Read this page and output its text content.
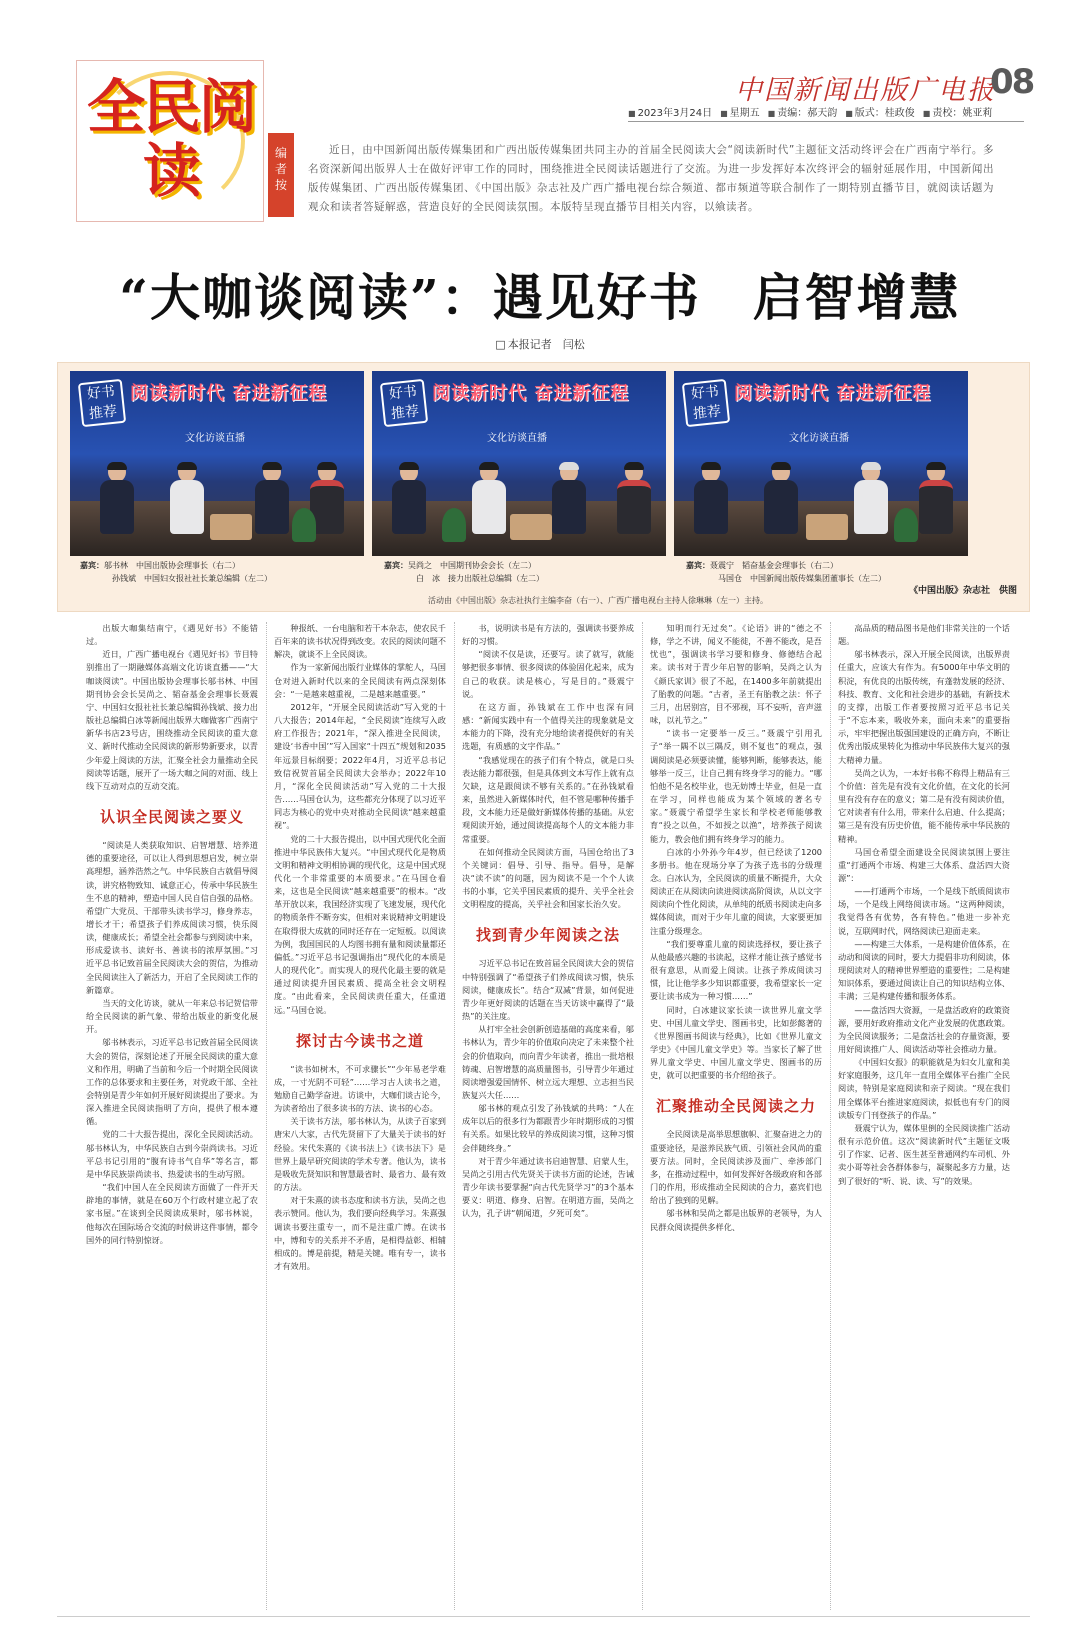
全民阅读
中国新闻出版广电报
08
■ 2023年3月24日	■ 星期五	■ 责编：郝天韵	■ 版式：桂政俊	■ 责校：姚亚莉
编
者
按
近日，由中国新闻出版传媒集团和广西出版传媒集团共同主办的首届全民阅读大会“阅读新时代”主题征文活动终评会在广西南宁举行。多名资深新闻出版界人士在做好评审工作的同时，围绕推进全民阅读话题进行了交流。为进一步发挥好本次终评会的辐射延展作用，中国新闻出版传媒集团、广西出版传媒集团、《中国出版》杂志社及广西广播电视台综合频道、都市频道等联合制作了一期特别直播节目，就阅读话题为观众和读者答疑解惑，营造良好的全民阅读氛围。本版特呈现直播节目相关内容，以飨读者。
“大咖谈阅读”：遇见好书　启智增慧
□ 本报记者　闫松
好书推荐
阅读新时代 奋进新征程
文化访谈直播
好书推荐
阅读新时代 奋进新征程
文化访谈直播
好书推荐
阅读新时代 奋进新征程
文化访谈直播
嘉宾：邬书林　中国出版协会理事长（右二）
孙钱斌　中国妇女报社社长兼总编辑（左二）
嘉宾：吴尚之　中国期刊协会会长（左二）
白　冰　接力出版社总编辑（左二）
嘉宾：聂震宁　韬奋基金会理事长（右二）
马国仓　中国新闻出版传媒集团董事长（左二）
活动由《中国出版》杂志社执行主编李奋（右一）、广西广播电视台主持人徐琳琳（左一）主持。
《中国出版》杂志社　供图

出版大咖集结南宁，《遇见好书》不能错过。

近日，广西广播电视台《遇见好书》节目特别推出了一期融媒体高端文化访谈直播——“大咖谈阅读”。中国出版协会理事长邬书林、中国期刊协会会长吴尚之、韬奋基金会理事长聂震宁、中国妇女报社社长兼总编辑孙钱斌、接力出版社总编辑白冰等新闻出版界大咖做客广西南宁新华书店23号店，围绕推动全民阅读的重大意义、新时代推动全民阅读的新形势新要求，以青少年爱上阅读的方法，汇聚全社会力量推动全民阅读等话题，展开了一场大咖之间的对面、线上线下互动对点的互动交流。

认识全民阅读之要义

“阅读是人类获取知识、启智增慧、培养道德的重要途径，可以让人得到思想启发，树立崇高理想，涵养浩然之气。中华民族自古就倡导阅读，讲究格物致知、诚意正心，传承中华民族生生不息的精神，塑造中国人民自信自强的品格。希望广大党员、干部带头读书学习，修身养志，增长才干；希望孩子们养成阅读习惯，快乐阅读，健康成长；希望全社会都参与到阅读中来，形成爱读书、读好书、善读书的浓厚氛围。”习近平总书记致首届全民阅读大会的贺信，为推动全民阅读注入了新活力，开启了全民阅读工作的新篇章。

当天的文化访谈，就从一年来总书记贺信带给全民阅读的新气象、带给出版业的新变化展开。

邬书林表示，习近平总书记致首届全民阅读大会的贺信，深刻论述了开展全民阅读的重大意义和作用，明确了当前和今后一个时期全民阅读工作的总体要求和主要任务，对党政干部、全社会特别是青少年如何开展好阅读提出了要求。为深入推进全民阅读指明了方向，提供了根本遵循。

党的二十大报告提出，深化全民阅读活动。邬书林认为，中华民族自古到今崇尚读书。习近平总书记引用的“腹有诗书气自华”等名言，都是中华民族崇尚读书、热爱读书的生动写照。

“我们中国人在全民阅读方面做了一件开天辟地的事情，就是在60万个行政村建立起了农家书屋。”在谈到全民阅读成果时，邬书林说，他每次在国际场合交流的时候讲这件事情，都令国外的同行特别惊讶。

种报纸、一台电脑和若干本杂志，使农民千百年来的读书状况得到改变。农民的阅读问题不解决，就谈不上全民阅读。

作为一家新闻出版行业媒体的掌舵人，马国仓对进入新时代以来的全民阅读有两点深刻体会：“一是越来越重视，二是越来越重要。”

2012年，“开展全民阅读活动”写入党的十八大报告；2014年起，“全民阅读”连续写入政府工作报告；2021年，“深入推进全民阅读，建设‘书香中国’”写入国家“十四五”规划和2035年远景目标纲要；2022年4月，习近平总书记致信祝贺首届全民阅读大会举办；2022年10月，“深化全民阅读活动”写入党的二十大报告……马国仓认为，这些都充分体现了以习近平同志为核心的党中央对推动全民阅读“越来越重视”。

党的二十大报告提出，以中国式现代化全面推进中华民族伟大复兴。“中国式现代化是物质文明和精神文明相协调的现代化，这是中国式现代化一个非常重要的本质要求。”在马国仓看来，这也是全民阅读“越来越重要”的根本。“改革开放以来，我国经济实现了飞速发展，现代化的物质条件不断夯实，但相对来说精神文明建设在取得很大成就的同时还存在一定短板。以阅读为例，我国国民的人均图书拥有量和阅读量都还偏低。”习近平总书记强调指出“现代化的本质是人的现代化”。而实现人的现代化最主要的就是通过阅读提升国民素质、提高全社会文明程度。“由此看来，全民阅读责任重大，任重道远。”马国仓说。

探讨古今读书之道

“读书如树木，不可求骤长”“少年易老学难成，一寸光阴不可轻”……学习古人读书之道，勉励自己勤学奋进。访谈中，大咖们谈古论今，为读者给出了很多读书的方法、读书的心态。

关于读书方法，邬书林认为，从读子百家到唐宋八大家，古代先贤留下了大量关于读书的好经验。宋代朱熹的《读书法上》《读书法下》是世界上最早研究阅读的学术专著。他认为，读书是吸收先贤知识和智慧最省时、最省力、最有效的方法。

对于朱熹的读书态度和读书方法，吴尚之也表示赞同。他认为，我们要向经典学习。朱熹强调读书要注重专一，而不是注重广博。在读书中，博和专的关系并不矛盾，是相得益彰、相辅相成的。博是前提，精是关键。唯有专一，读书才有效用。

书，说明读书是有方法的，强调读书要养成好的习惯。

“阅读不仅是读，还要写。读了就写，就能够把很多事情、很多阅读的体验固化起来，成为自己的收获。读是核心，写是目的。”聂震宁说。

在这方面，孙钱斌在工作中也深有同感：“新闻实践中有一个值得关注的现象就是文本能力的下降，没有充分地给读者提供好的有关选题，有质感的文字作品。”

“我感觉现在的孩子们有个特点，就是口头表达能力都很强，但是具体到文本写作上就有点欠缺，这是跟阅读不够有关系的。”在孙钱斌看来，虽然进入新媒体时代，但不管是哪种传播手段，文本能力还是做好新媒体传播的基础。从宏观阅读开始，通过阅读提高每个人的文本能力非常重要。

在如何推动全民阅读方面，马国仓给出了3个关键词：倡导、引导、指导。倡导，是解决“读不读”的问题，因为阅读不是一个个人读书的小事，它关乎国民素质的提升、关乎全社会文明程度的提高，关乎社会和国家长治久安。

找到青少年阅读之法

习近平总书记在致首届全民阅读大会的贺信中特别强调了“希望孩子们养成阅读习惯，快乐阅读，健康成长”。结合“双减”背景，如何促进青少年更好阅读的话题在当天访谈中赢得了“最热”的关注度。

从打牢全社会创新创造基础的高度来看，邬书林认为，青少年的价值取向决定了未来整个社会的价值取向，而向青少年读者，推出一批培根铸魂、启智增慧的高质量图书，引导青少年通过阅读增强爱国情怀、树立远大理想、立志担当民族复兴大任……

邬书林的观点引发了孙钱斌的共鸣：“人在成年以后的很多行为都跟青少年时期形成的习惯有关系。如果比较早的养成阅读习惯，这种习惯会伴随终身。”

对于青少年通过读书启迪智慧、启蒙人生，吴尚之引用古代先贤关于读书方面的论述，告诫青少年读书要掌握“向古代先贤学习”的3个基本要义：明道、修身、启智。在明道方面，吴尚之认为，孔子讲“朝闻道，夕死可矣”。

知明而行无过矣”。《论语》讲的“德之不修，学之不讲，闻义不能徙，不善不能改，是吾忧也”，强调读书学习要和修身、修德结合起来。读书对于青少年启智的影响，吴尚之认为《颜氏家训》很了不起，在1400多年前就提出了胎教的问题。“古者，圣王有胎教之法：怀子三月，出居别宫，目不邪视，耳不妄听，音声滋味，以礼节之。”

“读书一定要举一反三。”聂震宁引用孔子“举一隅不以三隅反，则不复也”的观点，强调阅读是必须要读懂，能够判断，能够表达，能够举一反三，让自己拥有终身学习的能力。“哪怕他不是名校毕业，也无妨博士毕业，但是一直在学习，同样也能成为某个领域的著名专家。”聂震宁希望学生家长和学校老师能够教育“投之以鱼，不如授之以渔”，培养孩子阅读能力，教会他们拥有终身学习的能力。

白冰的小外孙今年4岁，但已经读了1200多册书。他在现场分享了为孩子选书的分级理念。白冰认为，全民阅读的质量不断提升，大众阅读正在从阅读向读进阅读高阶阅读，从以文字阅读向个性化阅读，从单纯的纸质书阅读走向多媒体阅读，而对于少年儿童的阅读，大家要更加注重分级理念。

“我们要尊重儿童的阅读选择权，要让孩子从他最感兴趣的书读起，这样才能让孩子感觉书很有意思，从而爱上阅读。让孩子养成阅读习惯，比让他学多少知识都重要，我希望家长一定要让读书成为一种习惯……”

同时，白冰建议家长读一读世界儿童文学史、中国儿童文学史、图画书史，比如彭懿著的《世界图画书阅读与经典》，比如《世界儿童文学史》《中国儿童文学史》等。当家长了解了世界儿童文学史、中国儿童文学史、图画书的历史，就可以把重要的书介绍给孩子。

汇聚推动全民阅读之力

全民阅读是高举思想旗帜、汇聚奋进之力的重要途径，是滋养民族气质、引领社会风尚的重要方法。同时，全民阅读涉及面广、牵涉部门多，在推动过程中，如何发挥好各级政府和各部门的作用，形成推动全民阅读的合力，嘉宾们也给出了独到的见解。

邬书林和吴尚之都是出版界的老领导，为人民群众阅读提供多样化、

高品质的精品图书是他们非常关注的一个话题。

邬书林表示，深入开展全民阅读，出版界责任重大，应该大有作为。有5000年中华文明的积淀，有优良的出版传统，有蓬勃发展的经济、科技、教育、文化和社会进步的基础，有新技术的支撑，出版工作者要按照习近平总书记关于“不忘本来，吸收外来，面向未来”的重要指示，牢牢把握出版强国建设的正确方向，不断让优秀出版成果转化为推动中华民族伟大复兴的强大精神力量。

吴尚之认为，一本好书称不称得上精品有三个价值：首先是有没有文化价值，在文化的长河里有没有存在的意义；第二是有没有阅读价值，它对读者有什么用，带来什么启迪、什么提高；第三是有没有历史价值，能不能传承中华民族的精神。

马国仓希望全面建设全民阅读氛围上要注重“打通两个市场、构建三大体系、盘活四大资源”：

——打通两个市场，一个是线下纸质阅读市场，一个是线上网络阅读市场。“这两种阅读，我觉得各有优势，各有特色。”他进一步补充说，互联网时代，网络阅读已迎面走来。

——构建三大体系，一是构建价值体系，在动动和阅读的同时，要大力提倡非功利阅读，体现阅读对人的精神世界塑造的重要性；二是构建知识体系，要通过阅读让自己的知识结构立体、丰满；三是构建传播和服务体系。

——盘活四大资源，一是盘活政府的政策资源，要用好政府推动文化产业发展的优惠政策。为全民阅读服务；二是盘活社会的存量资源，要用好阅读推广人、阅读活动等社会推动力量。

《中国妇女报》的职能就是为妇女儿童和美好家庭服务，这几年一直用全媒体平台推广全民阅读，特别是家庭阅读和亲子阅读。“现在我们用全媒体平台推进家庭阅读，拟低也有专门的阅读版专门刊登孩子的作品。”

聂震宁认为，媒体里倒的全民阅读推广活动很有示范价值。这次“阅读新时代”主题征文吸引了作家、记者、医生甚至普通网约车司机、外卖小哥等社会各群体参与，凝聚起多方力量，达到了很好的“听、说、读、写”的效果。
